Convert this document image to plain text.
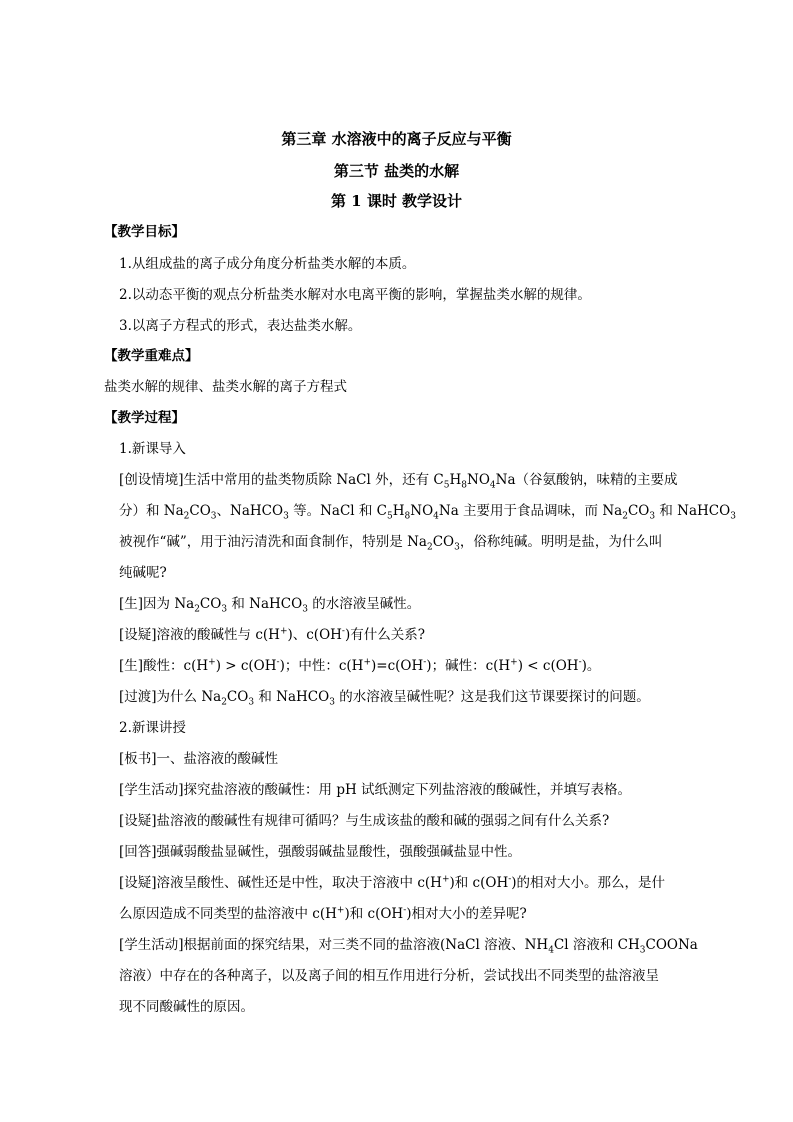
第三章 水溶液中的离子反应与平衡
第三节 盐类的水解
第 1 课时 教学设计
【教学目标】
1.从组成盐的离子成分角度分析盐类水解的本质。
2.以动态平衡的观点分析盐类水解对水电离平衡的影响，掌握盐类水解的规律。
3.以离子方程式的形式，表达盐类水解。
【教学重难点】
盐类水解的规律、盐类水解的离子方程式
【教学过程】
1.新课导入
[创设情境]生活中常用的盐类物质除 NaCl 外，还有 $C_5H_8NO_4Na$（谷氨酸钠，味精的主要成
分）和 $Na_2CO_3$、NaHCO$_3$ 等。NaCl 和 $C_5H_8NO_4Na$ 主要用于食品调味，而 $Na_2CO_3$ 和 NaHCO$_3$
被视作“碱”，用于油污清洗和面食制作，特别是 $Na_2CO_3$，俗称纯碱。明明是盐，为什么叫
纯碱呢?
[生]因为 $Na_2CO_3$ 和 NaHCO$_3$ 的水溶液呈碱性。
[设疑]溶液的酸碱性与 c(H+)、c(OH-)有什么关系?
[生]酸性：c(H+) > c(OH-)；中性：c(H+)=c(OH-)；碱性：c(H+) < c(OH-)。
[过渡]为什么 $Na_2CO_3$ 和 NaHCO$_3$ 的水溶液呈碱性呢？这是我们这节课要探讨的问题。
2.新课讲授
[板书]一、盐溶液的酸碱性
[学生活动]探究盐溶液的酸碱性：用 pH 试纸测定下列盐溶液的酸碱性，并填写表格。
[设疑]盐溶液的酸碱性有规律可循吗？与生成该盐的酸和碱的强弱之间有什么关系?
[回答]强碱弱酸盐显碱性，强酸弱碱盐显酸性，强酸强碱盐显中性。
[设疑]溶液呈酸性、碱性还是中性，取决于溶液中 c(H+)和 c(OH-)的相对大小。那么，是什
么原因造成不同类型的盐溶液中 c(H+)和 c(OH-)相对大小的差异呢?
[学生活动]根据前面的探究结果，对三类不同的盐溶液(NaCl 溶液、$NH_4Cl$ 溶液和 $CH_3COONa$
溶液）中存在的各种离子，以及离子间的相互作用进行分析，尝试找出不同类型的盐溶液呈
现不同酸碱性的原因。
